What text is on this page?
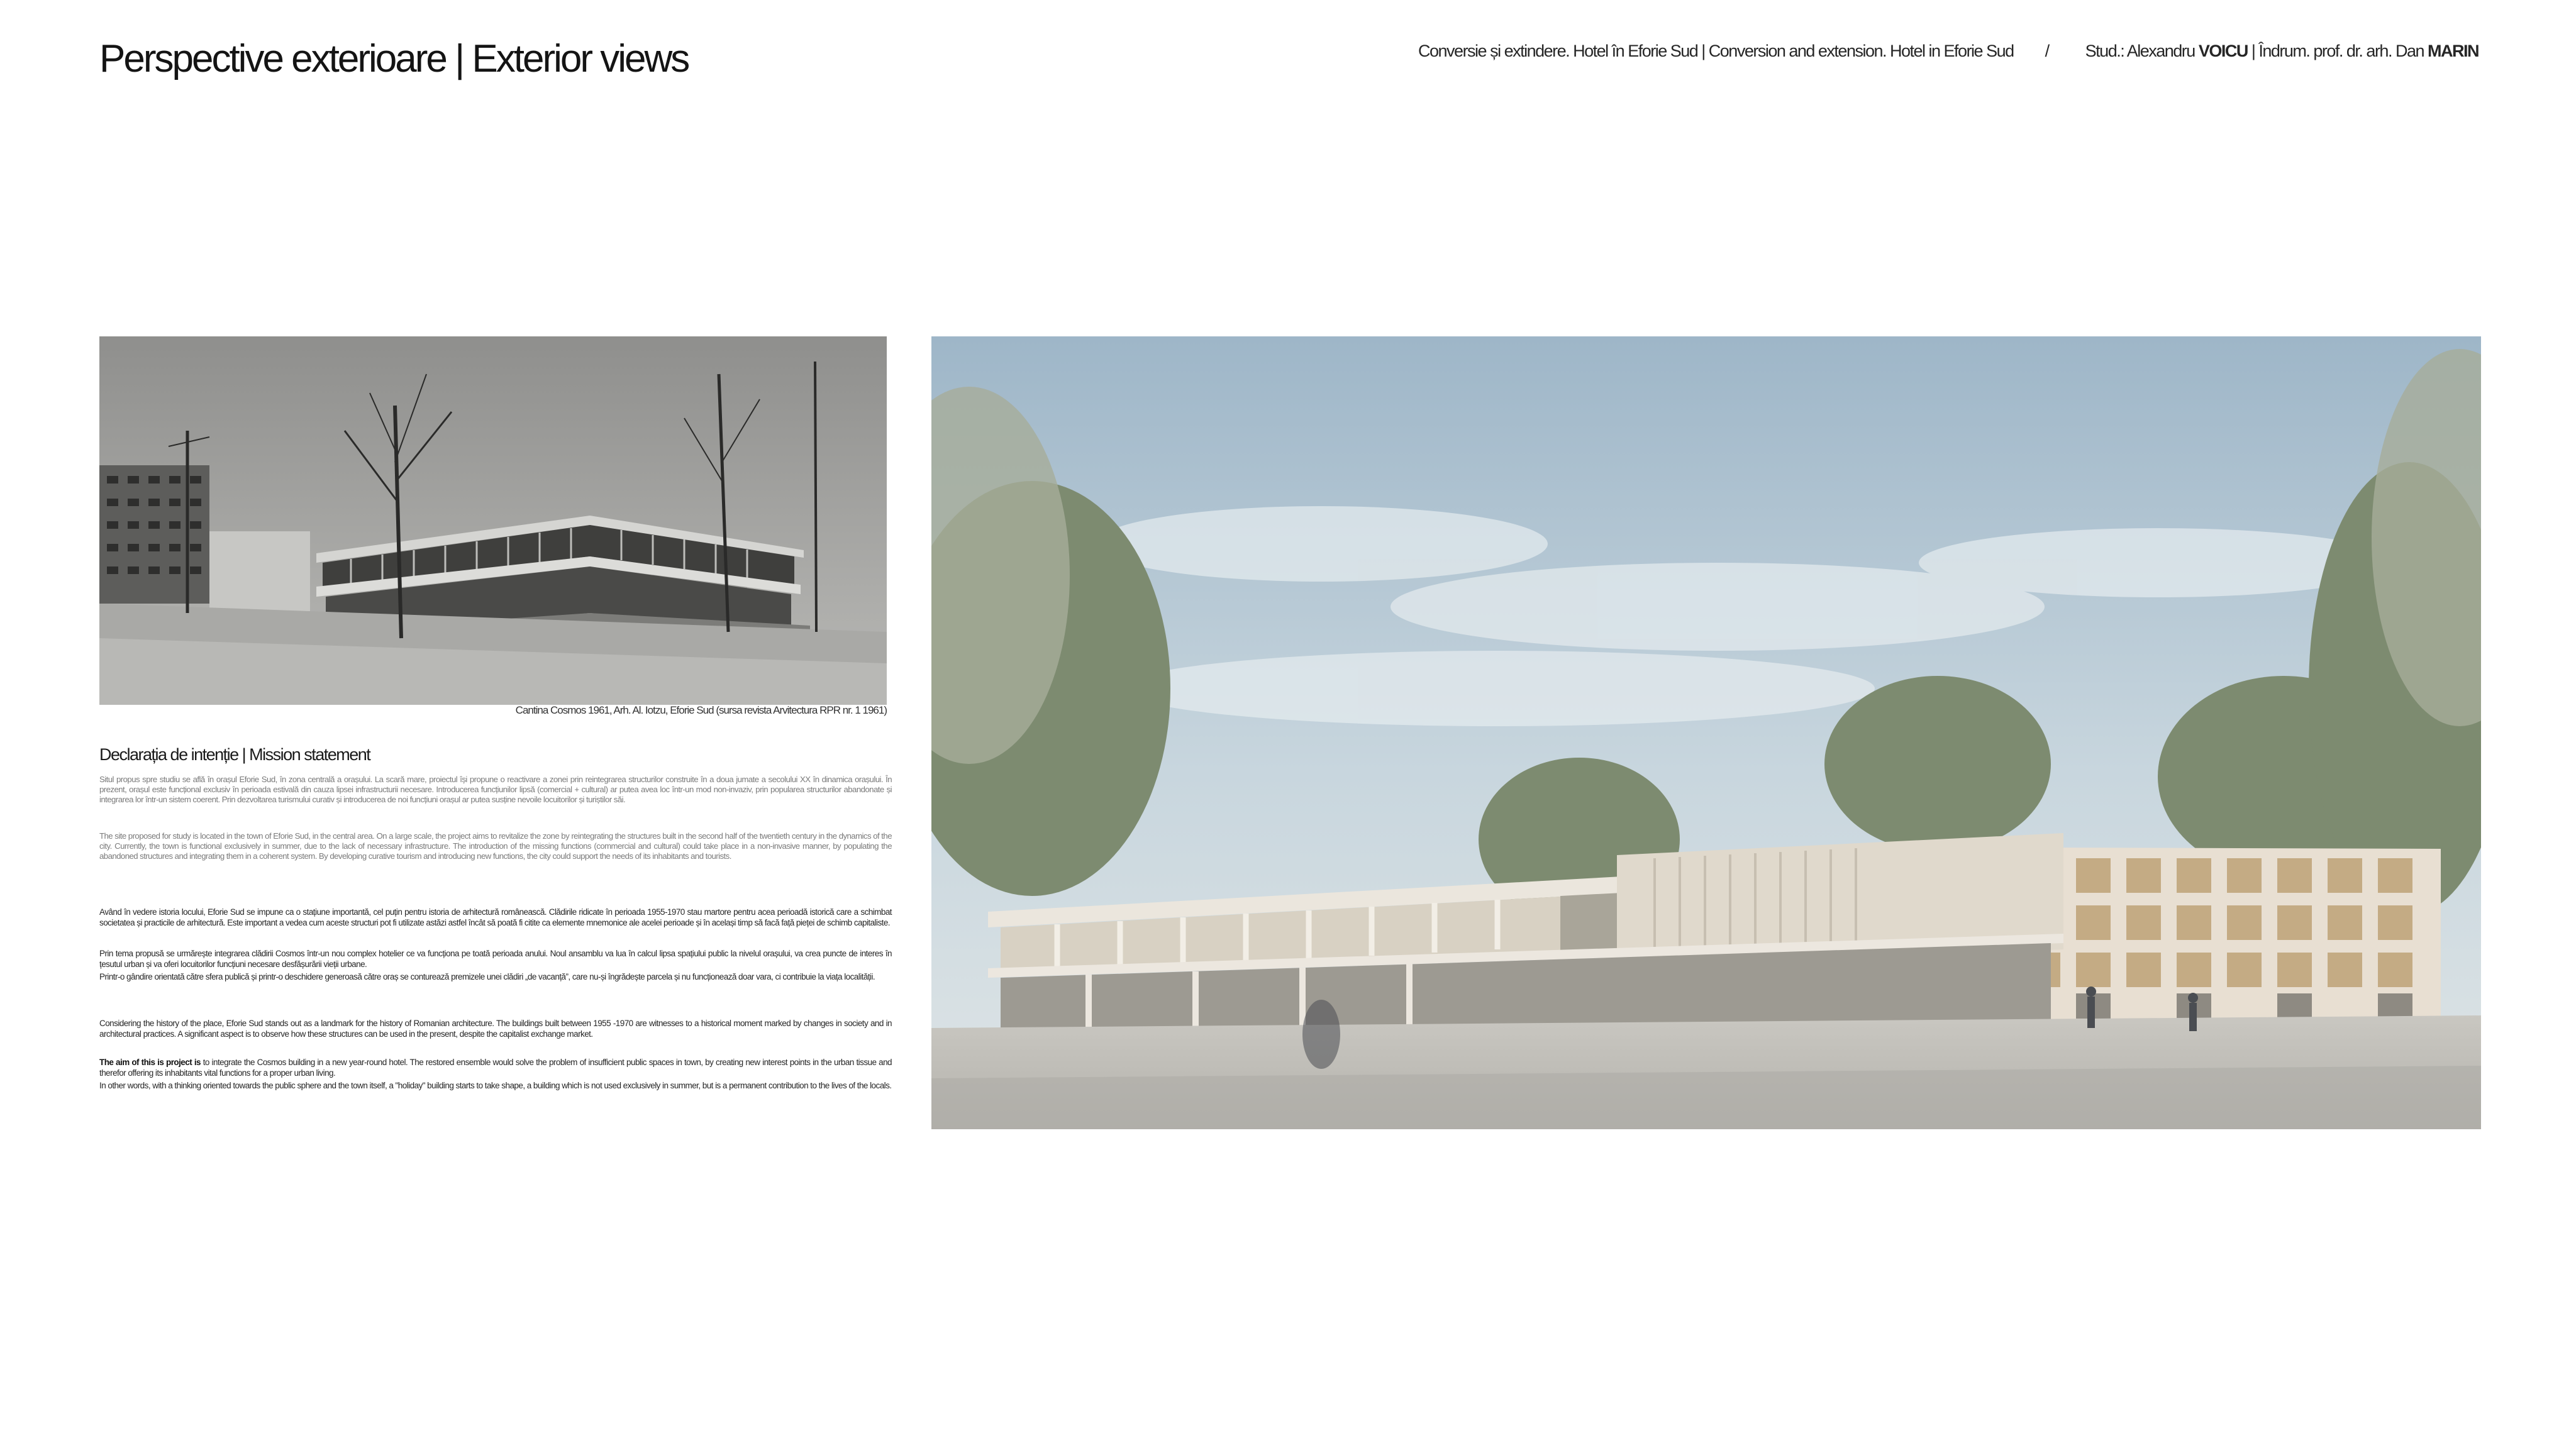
Perspective exterioare | Exterior views	Conversie și extindere. Hotel în Eforie Sud | Conversion and extension. Hotel in Eforie Sud / Stud.: Alexandru VOICU | Îndrum. prof. dr. arh. Dan MARIN
Cantina Cosmos 1961, Arh. Al. Iotzu, Eforie Sud (sursa revista Arvitectura RPR nr. 1 1961)
Declarația de intenție | Mission statement

Situl propus spre studiu se află în orașul Eforie Sud, în zona centrală a orașului. La scară mare, proiectul își propune o reactivare a zonei prin reintegrarea structurilor construite în a doua jumate a secolului XX în dinamica orașului. În prezent, orașul este funcțional exclusiv în perioada estivală din cauza lipsei infrastructurii necesare. Introducerea funcțiunilor lipsă (comercial + cultural) ar putea avea loc într-un mod non-invaziv, prin popularea structurilor abandonate și integrarea lor într-un sistem coerent. Prin dezvoltarea turismului curativ și introducerea de noi funcțiuni orașul ar putea susține nevoile locuitorilor și turiștilor săi.

The site proposed for study is located in the town of Eforie Sud, in the central area. On a large scale, the project aims to revitalize the zone by reintegrating the structures built in the second half of the twentieth century in the dynamics of the city. Currently, the town is functional exclusively in summer, due to the lack of necessary infrastructure. The introduction of the missing functions (commercial and cultural) could take place in a non-invasive manner, by populating the abandoned structures and integrating them in a coherent system. By developing curative tourism and introducing new functions, the city could support the needs of its inhabitants and tourists.

Având în vedere istoria locului, Eforie Sud se impune ca o stațiune importantă, cel puțin pentru istoria de arhitectură românească. Clădirile ridicate în perioada 1955-1970 stau martore pentru acea perioadă istorică care a schimbat societatea și practicile de arhitectură. Este important a vedea cum aceste structuri pot fi utilizate astăzi astfel încât să poată fi citite ca elemente mnemonice ale acelei perioade și în același timp să facă față pieței de schimb capitaliste.

Prin tema propusă se urmărește integrarea clădirii Cosmos într-un nou complex hotelier ce va funcționa pe toată perioada anului. Noul ansamblu va lua în calcul lipsa spațiului public la nivelul orașului, va crea puncte de interes în țesutul urban și va oferi locuitorilor funcțiuni necesare desfășurării vieții urbane.

Printr-o gândire orientată către sfera publică și printr-o deschidere generoasă către oraș se conturează premizele unei clădiri „de vacanță”, care nu-și îngrădește parcela și nu funcționează doar vara, ci contribuie la viața localității.

Considering the history of the place, Eforie Sud stands out as a landmark for the history of Romanian architecture. The buildings built between 1955 -1970 are witnesses to a historical moment marked by changes in society and in architectural practices. A significant aspect is to observe how these structures can be used in the present, despite the capitalist exchange market.

The aim of this is project is to integrate the Cosmos building in a new year-round hotel. The restored ensemble would solve the problem of insufficient public spaces in town, by creating new interest points in the urban tissue and therefor offering its inhabitants vital functions for a proper urban living.

In other words, with a thinking oriented towards the public sphere and the town itself, a "holiday" building starts to take shape, a building which is not used exclusively in summer, but is a permanent contribution to the lives of the locals.
